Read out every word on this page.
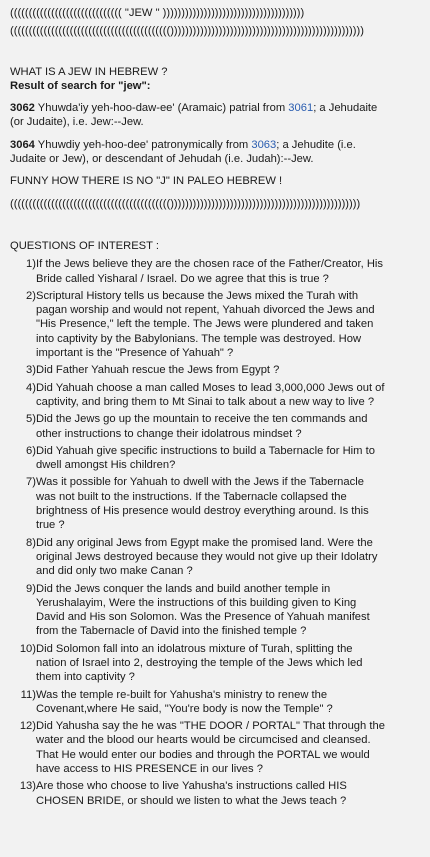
(((((((((((((((((((((((((((((( "JEW " ))))))))))))))))))))))))))))))))))))))
((((((((((((((((((((((((((((((((((((((((((())))))))))))))))))))))))))))))))))))))))))))))))))))
WHAT IS A JEW IN HEBREW ?
Result of search for "jew":
3062 Yhuwda'iy yeh-hoo-daw-ee' (Aramaic) patrial from 3061; a Jehudaite
(or Judaite), i.e. Jew:--Jew.
3064 Yhuwdiy yeh-hoo-dee' patronymically from 3063; a Jehudite (i.e.
Judaite or Jew), or descendant of Jehudah (i.e. Judah):--Jew.
FUNNY HOW THERE IS NO "J" IN PALEO HEBREW !
((((((((((((((((((((((((((((((((((((((((((()))))))))))))))))))))))))))))))))))))))))))))))))))
QUESTIONS OF INTEREST :
1) If the Jews believe they are the chosen race of the Father/Creator, His
Bride called Yisharal / Israel. Do we agree that this is true ?
2) Scriptural History tells us because the Jews mixed the Turah with
pagan worship and would not repent, Yahuah divorced the Jews and
"His Presence," left the temple. The Jews were plundered and taken
into captivity by the Babylonians. The temple was destroyed. How
important is the "Presence of Yahuah" ?
3) Did Father Yahuah rescue the Jews from Egypt ?
4) Did Yahuah choose a man called Moses to lead 3,000,000 Jews out of
captivity, and bring them to Mt Sinai to talk about a new way to live ?
5) Did the Jews go up the mountain to receive the ten commands and
other instructions to change their idolatrous mindset ?
6) Did Yahuah give specific instructions to build a Tabernacle for Him to
dwell amongst His children?
7) Was it possible for Yahuah to dwell with the Jews if the Tabernacle
was not built to the instructions. If the Tabernacle collapsed the
brightness of His presence would destroy everything around. Is this
true ?
8) Did any original Jews from Egypt make the promised land. Were the
original Jews destroyed because they would not give up their Idolatry
and did only two make Canan ?
9) Did the Jews conquer the lands and build another temple in
Yerushalayim, Were the instructions of this building given to King
David and His son Solomon. Was the Presence of Yahuah manifest
from the Tabernacle of David into the finished temple ?
10) Did Solomon fall into an idolatrous mixture of Turah, splitting the
nation of Israel into 2, destroying the temple of the Jews which led
them into captivity ?
11) Was the temple re-built for Yahusha's ministry to renew the
Covenant,where He said, "You're body is now the Temple" ?
12) Did Yahusha say the he was "THE DOOR / PORTAL" That through the
water and the blood our hearts would be circumcised and cleansed.
That He would enter our bodies and through the PORTAL we would
have access to HIS PRESENCE in our lives ?
13) Are those who choose to live Yahusha's instructions called HIS
CHOSEN BRIDE, or should we listen to what the Jews teach ?
